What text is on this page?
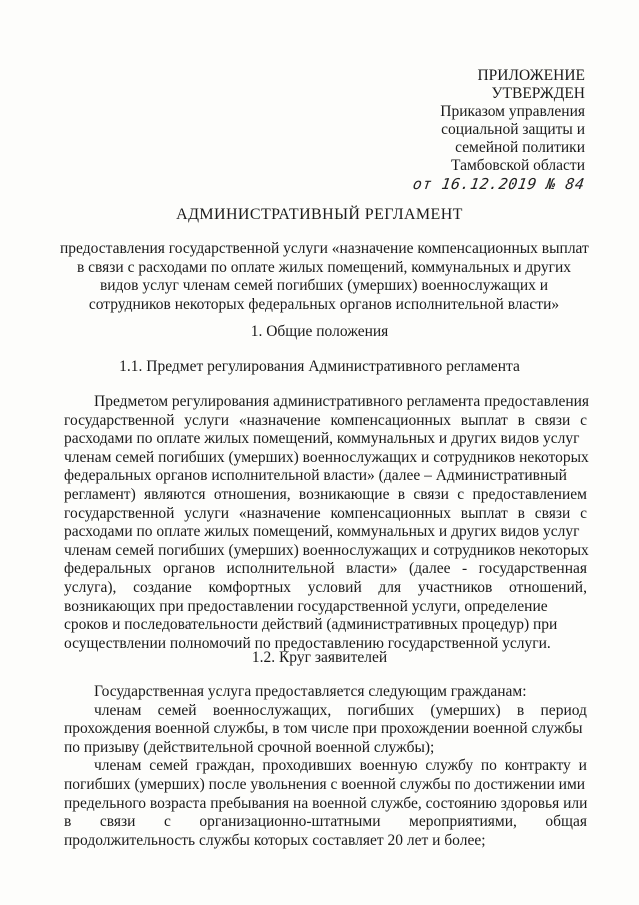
ПРИЛОЖЕНИЕ
УТВЕРЖДЕН
Приказом управления
социальной защиты и
семейной политики
Тамбовской области
от 16.12.2019 № 84
АДМИНИСТРАТИВНЫЙ РЕГЛАМЕНТ
предоставления государственной услуги «назначение компенсационных выплат
в связи с расходами по оплате жилых помещений, коммунальных и других
видов услуг членам семей погибших (умерших) военнослужащих и
сотрудников некоторых федеральных органов исполнительной власти»
1. Общие положения
1.1. Предмет регулирования Административного регламента
Предметом регулирования административного регламента предоставления
государственной услуги «назначение компенсационных выплат в связи с
расходами по оплате жилых помещений, коммунальных и других видов услуг
членам семей погибших (умерших) военнослужащих и сотрудников некоторых
федеральных органов исполнительной власти» (далее – Административный
регламент) являются отношения, возникающие в связи с предоставлением
государственной услуги «назначение компенсационных выплат в связи с
расходами по оплате жилых помещений, коммунальных и других видов услуг
членам семей погибших (умерших) военнослужащих и сотрудников некоторых
федеральных органов исполнительной власти» (далее - государственная
услуга), создание комфортных условий для участников отношений,
возникающих при предоставлении государственной услуги, определение
сроков и последовательности действий (административных процедур) при
осуществлении полномочий по предоставлению государственной услуги.
1.2. Круг заявителей
Государственная услуга предоставляется следующим гражданам:
членам семей военнослужащих, погибших (умерших) в период
прохождения военной службы, в том числе при прохождении военной службы
по призыву (действительной срочной военной службы);
членам семей граждан, проходивших военную службу по контракту и
погибших (умерших) после увольнения с военной службы по достижении ими
предельного возраста пребывания на военной службе, состоянию здоровья или
в связи с организационно-штатными мероприятиями, общая
продолжительность службы которых составляет 20 лет и более;
